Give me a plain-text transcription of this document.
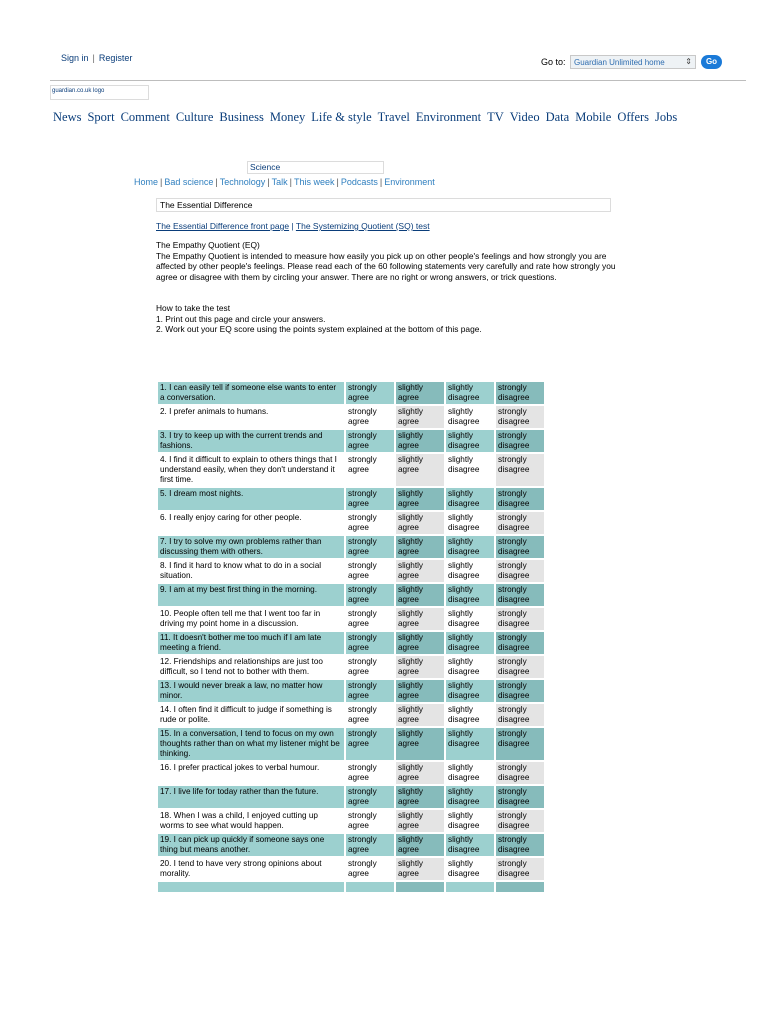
Sign in | Register	Go to:	Guardian Unlimited home	⇕	Go
guardian.co.uk logo
News Sport Comment Culture Business Money Life & style Travel Environment TV Video Data Mobile Offers Jobs
Science
Home | Bad science | Technology | Talk | This week | Podcasts | Environment
The Essential Difference
The Essential Difference front page | The Systemizing Quotient (SQ) test

The Empathy Quotient (EQ)

The Empathy Quotient is intended to measure how easily you pick up on other people's feelings and how strongly you are affected by other people's feelings. Please read each of the 60 following statements very carefully and rate how strongly you agree or disagree with them by circling your answer. There are no right or wrong answers, or trick questions.

How to take the test

1. Print out this page and circle your answers.

2. Work out your EQ score using the points system explained at the bottom of this page.

1. I can easily tell if someone else wants to enter a conversation.	strongly agree	slightly agree	slightly disagree	strongly disagree
2. I prefer animals to humans.	strongly agree	slightly agree	slightly disagree	strongly disagree
3. I try to keep up with the current trends and fashions.	strongly agree	slightly agree	slightly disagree	strongly disagree
4. I find it difficult to explain to others things that I understand easily, when they don't understand it first time.	strongly agree	slightly agree	slightly disagree	strongly disagree
5. I dream most nights.	strongly agree	slightly agree	slightly disagree	strongly disagree
6. I really enjoy caring for other people.	strongly agree	slightly agree	slightly disagree	strongly disagree
7. I try to solve my own problems rather than discussing them with others.	strongly agree	slightly agree	slightly disagree	strongly disagree
8. I find it hard to know what to do in a social situation.	strongly agree	slightly agree	slightly disagree	strongly disagree
9. I am at my best first thing in the morning.	strongly agree	slightly agree	slightly disagree	strongly disagree
10. People often tell me that I went too far in driving my point home in a discussion.	strongly agree	slightly agree	slightly disagree	strongly disagree
11. It doesn't bother me too much if I am late meeting a friend.	strongly agree	slightly agree	slightly disagree	strongly disagree
12. Friendships and relationships are just too difficult, so I tend not to bother with them.	strongly agree	slightly agree	slightly disagree	strongly disagree
13. I would never break a law, no matter how minor.	strongly agree	slightly agree	slightly disagree	strongly disagree
14. I often find it difficult to judge if something is rude or polite.	strongly agree	slightly agree	slightly disagree	strongly disagree
15. In a conversation, I tend to focus on my own thoughts rather than on what my listener might be thinking.	strongly agree	slightly agree	slightly disagree	strongly disagree
16. I prefer practical jokes to verbal humour.	strongly agree	slightly agree	slightly disagree	strongly disagree
17. I live life for today rather than the future.	strongly agree	slightly agree	slightly disagree	strongly disagree
18. When I was a child, I enjoyed cutting up worms to see what would happen.	strongly agree	slightly agree	slightly disagree	strongly disagree
19. I can pick up quickly if someone says one thing but means another.	strongly agree	slightly agree	slightly disagree	strongly disagree
20. I tend to have very strong opinions about morality.	strongly agree	slightly agree	slightly disagree	strongly disagree
